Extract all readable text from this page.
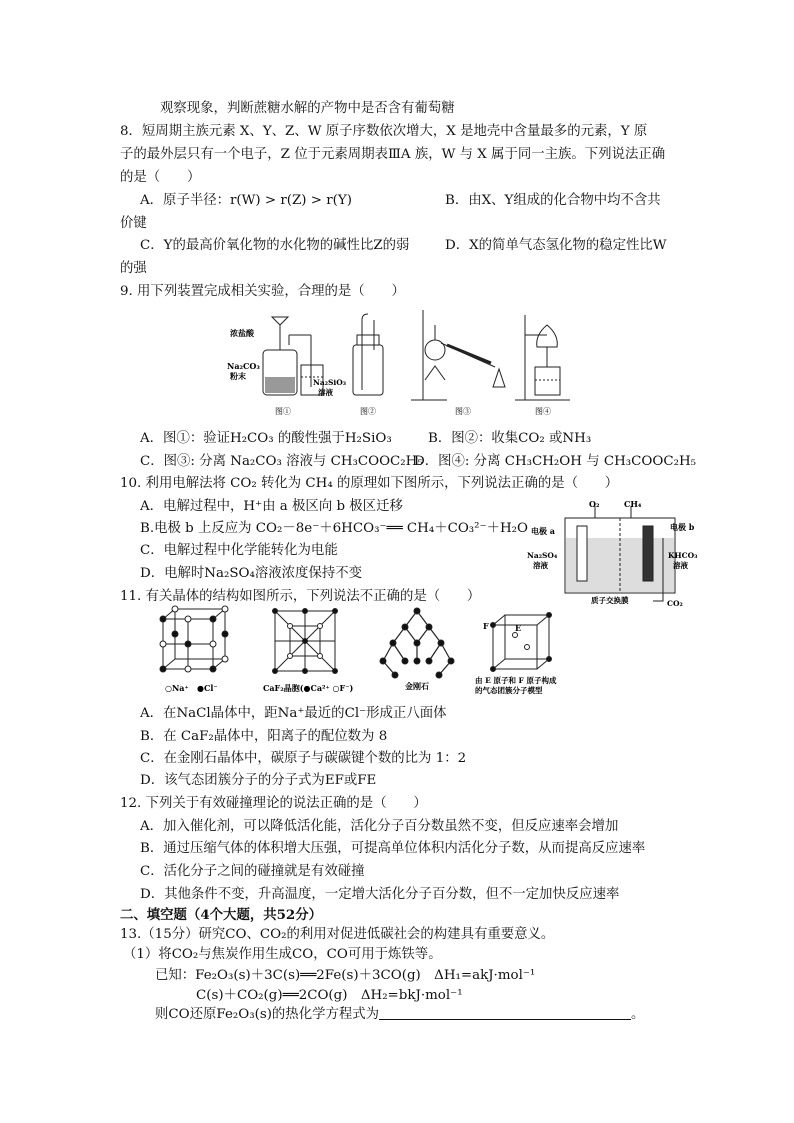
观察现象，判断蔗糖水解的产物中是否含有葡萄糖
8．短周期主族元素 X、Y、Z、W 原子序数依次增大，X 是地壳中含量最多的元素，Y 原
子的最外层只有一个电子，Z 位于元素周期表ⅢA 族，W 与 X 属于同一主族。下列说法正确
的是（　　）
A．原子半径：r(W) > r(Z) > r(Y)	B．由X、Y组成的化合物中均不含共
价键
C．Y的最高价氧化物的水化物的碱性比Z的弱	D．X的简单气态氢化物的稳定性比W
的强
9. 用下列装置完成相关实验，合理的是（　　）
浓盐酸
Na₂CO₃
粉末
Na₂SiO₃
溶液
图①	图②	图③	图④
A．图①：验证H₂CO₃ 的酸性强于H₂SiO₃	B．图②：收集CO₂ 或NH₃
C．图③: 分离 Na₂CO₃ 溶液与 CH₃COOC₂H₅
D．图④: 分离 CH₃CH₂OH 与 CH₃COOC₂H₅
10. 利用电解法将 CO₂ 转化为 CH₄ 的原理如下图所示，下列说法正确的是（　　）
A．电解过程中，H⁺由 a 极区向 b 极区迁移
B.电极 b 上反应为 CO₂－8e⁻＋6HCO₃⁻══ CH₄＋CO₃²⁻＋H₂O
C．电解过程中化学能转化为电能
D．电解时Na₂SO₄溶液浓度保持不变
O₂	CH₄
电极 a	电极 b
Na₂SO₄
溶液
KHCO₃
溶液
质子交换膜	CO₂
11. 有关晶体的结构如图所示，下列说法不正确的是（　　）
○Na⁺ ●Cl⁻	CaF₂晶胞(●Ca²⁺ ○F⁻)	金刚石
F	E
由 E 原子和 F 原子构成
的气态团簇分子模型
A．在NaCl晶体中，距Na⁺最近的Cl⁻形成正八面体
B．在 CaF₂晶体中，阳离子的配位数为 8
C．在金刚石晶体中，碳原子与碳碳键个数的比为 1：2
D．该气态团簇分子的分子式为EF或FE
12. 下列关于有效碰撞理论的说法正确的是（　　）
A．加入催化剂，可以降低活化能，活化分子百分数虽然不变，但反应速率会增加
B．通过压缩气体的体积增大压强，可提高单位体积内活化分子数，从而提高反应速率
C．活化分子之间的碰撞就是有效碰撞
D．其他条件不变，升高温度，一定增大活化分子百分数，但不一定加快反应速率
二、填空题（4个大题，共52分）
13.（15分）研究CO、CO₂的利用对促进低碳社会的构建具有重要意义。
（1）将CO₂与焦炭作用生成CO，CO可用于炼铁等。
已知：Fe₂O₃(s)＋3C(s)══2Fe(s)＋3CO(g)　ΔH₁=akJ·mol⁻¹
C(s)＋CO₂(g)══2CO(g)　ΔH₂=bkJ·mol⁻¹
则CO还原Fe₂O₃(s)的热化学方程式为	。
